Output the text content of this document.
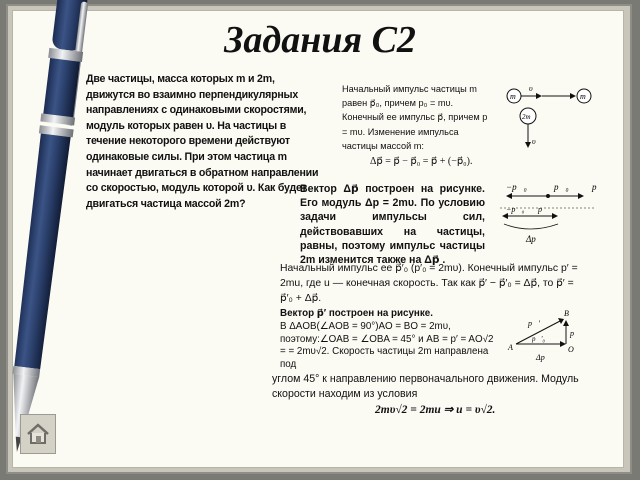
Задания С2
Две частицы, масса которых m и 2m, движутся во взаимно перпендикулярных направлениях с одинаковыми скоростями, модуль которых равен υ. На частицы в течение некоторого времени действуют одинаковые силы. При этом частица m начинает двигаться в обратном направлении со скоростью, модуль которой υ. Как будет двигаться частица массой 2m?
Начальный импульс частицы m равен p⃗₀, причем p₀ = mυ. Конечный ее импульс p⃗, причем p = mυ. Изменение импульса частицы массой m:
Δp⃗ = p⃗ − p⃗₀ = p⃗ + (−p⃗₀).
m
υ⃗
m
2m
υ⃗
Вектор Δp⃗ построен на рисунке. Его модуль Δp = 2mυ. По условию задачи импульсы сил, действовавших на частицы, равны, поэтому импульс частицы 2m изменится также на Δp⃗ .
−p⃗₀	p⃗₀	p⃗
−p⃗₀ p⃗
Δp⃗
Начальный импульс ее p⃗′₀ (p′₀ = 2mυ). Конечный импульс p′ = 2mu, где u — конечная скорость. Так как p⃗′ − p⃗′₀ = Δp⃗, то p⃗′ = p⃗′₀ + Δp⃗.
Вектор p⃗′ построен на рисунке.
В ΔAOB(∠AOB = 90°)AO = BO = 2mυ, поэтому:∠OAB = ∠OBA = 45° и AB = p′ = AO√2 = = 2mυ√2. Скорость частицы 2m направлена под
B
A	O
p⃗′
p⃗′₀
p⃗
Δp⃗
углом 45° к направлению первоначального движения. Модуль скорости находим из условия
2mυ√2 = 2mu ⇒ u = υ√2.
